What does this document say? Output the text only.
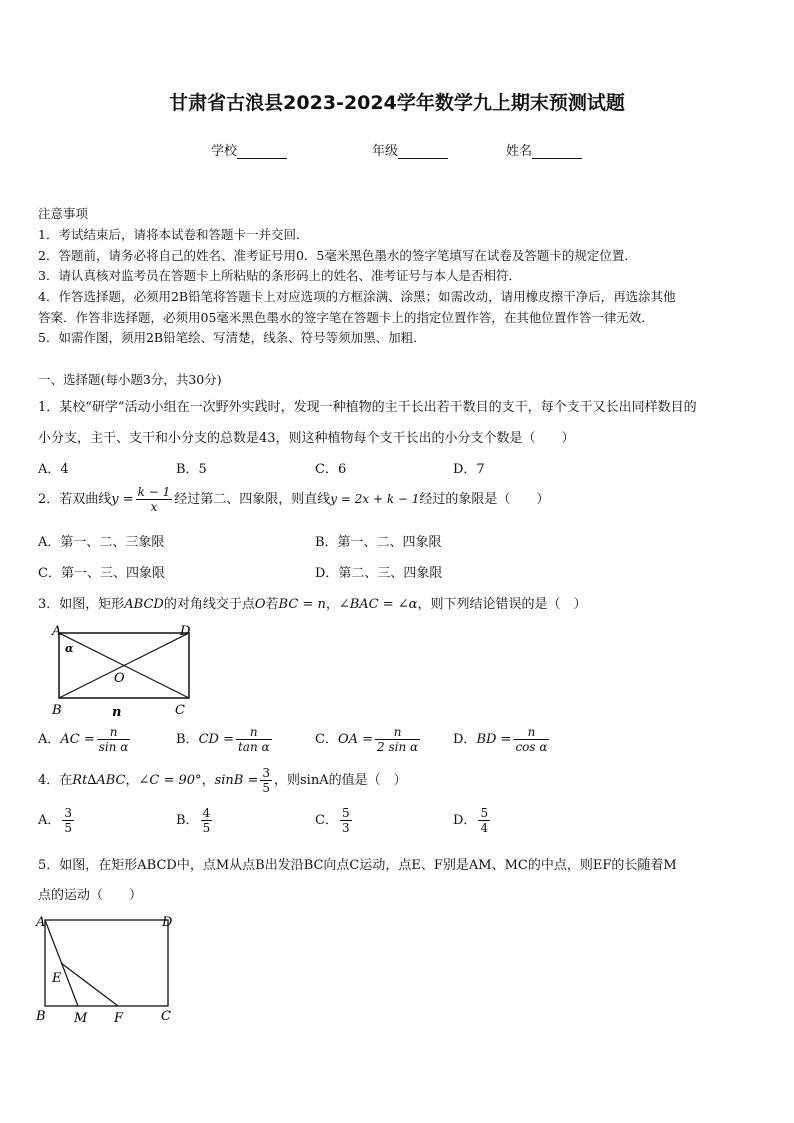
甘肃省古浪县2023-2024学年数学九上期末预测试题
学校	年级	姓名
注意事项
1．考试结束后，请将本试卷和答题卡一并交回．
2．答题前，请务必将自己的姓名、准考证号用0．5毫米黑色墨水的签字笔填写在试卷及答题卡的规定位置．
3．请认真核对监考员在答题卡上所粘贴的条形码上的姓名、准考证号与本人是否相符．
4．作答选择题，必须用2B铅笔将答题卡上对应选项的方框涂满、涂黑；如需改动，请用橡皮擦干净后，再选涂其他
答案．作答非选择题，必须用05毫米黑色墨水的签字笔在答题卡上的指定位置作答，在其他位置作答一律无效．
5．如需作图，须用2B铅笔绘、写清楚，线条、符号等须加黑、加粗．
一、选择题(每小题3分，共30分)
1．某校“研学”活动小组在一次野外实践时，发现一种植物的主干长出若干数目的支干，每个支干又长出同样数目的
小分支，主干、支干和小分支的总数是43，则这种植物每个支干长出的小分支个数是（　　）
A．4	B．5	C．6	D．7
2．若双曲线$y = \frac{k - 1}{x}$ 经过第二、四象限，则直线y = 2x + k − 1经过的象限是（　　）
A．第一、二、三象限	B．第一、二、四象限
C．第一、三、四象限	D．第二、三、四象限
3．如图，矩形ABCD的对角线交于点O若BC = n，∠BAC = ∠α，则下列结论错误的是（　）
A	D
B	C
O
n
α
A．AC = $\frac{n}{\text{sin α}}$	B．CD = $\frac{n}{\text{tan α}}$	C．OA = $\frac{n}{\text{2 sin α}}$	D．BD = $\frac{n}{\text{cos α}}$
4．在Rt∆ABC，∠C = 90°，$\sin B = \frac{3}{5}$ ，则sinA的值是（　）
A． $\frac{3}{5}$	B． $\frac{4}{5}$	C． $\frac{5}{3}$	D． $\frac{5}{4}$
5．如图，在矩形ABCD中，点M从点B出发沿BC向点C运动，点E、F别是AM、MC的中点，则EF的长随着M
点的运动（　　）
A	D
B	C
E
M F
